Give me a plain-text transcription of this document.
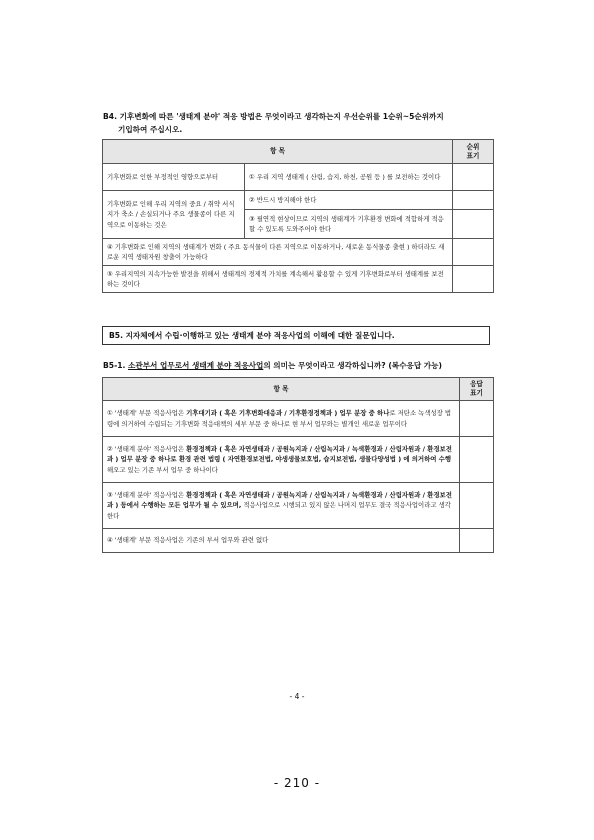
B4. 기후변화에 따른 '생태계 분야' 적응 방법은 무엇이라고 생각하는지 우선순위를 1순위~5순위까지
기입하여 주십시오.
항 목		순위
표기

기후변화로 인한 부정적인 영향으로부터	① 우리 지역 생태계 ( 산림, 습지, 하천, 공원 등 ) 를 보전하는 것이다	
기후변화로 인해 우리 지역의 중요 / 취약 서식지가 축소 / 손실되거나 주요 생물종이 다른 지역으로 이동하는 것은	② 반드시 방지해야 한다	
	③ 필연적 현상이므로 지역의 생태계가 기후환경 변화에 적합하게 적응할 수 있도록 도와주어야 한다	
④ 기후변화로 인해 지역의 생태계가 변화 ( 주요 동식물이 다른 지역으로 이동하거나, 새로운 동식물종 출현 ) 하더라도 새로운 지역 생태자원 창출이 가능하다		
⑤ 우리지역의 지속가능한 발전을 위해서 생태계의 경제적 가치를 계속해서 활용할 수 있게 기후변화로부터 생태계를 보전하는 것이다		
B5. 지자체에서 수립·이행하고 있는 생태계 분야 적응사업의 이해에 대한 질문입니다.
B5-1. 소관부서 업무로서 생태계 분야 적응사업의 의미는 무엇이라고 생각하십니까? (복수응답 가능)
항 목	응답
표기

① '생태계' 부문 적응사업은 기후대기과 ( 혹은 기후변화대응과 / 기후환경정책과 ) 업무 분장 중 하나로 저탄소 녹색성장 법령에 의거하여 수립되는 기후변화 적응대책의 세부 부문 중 하나로 현 부서 업무와는 별개인 새로운 업무이다	
② '생태계 분야' 적응사업은 환경정책과 ( 혹은 자연생태과 / 공원녹지과 / 산림녹지과 / 녹색환경과 / 산림자원과 / 환경보전과 ) 업무 분장 중 하나로 환경 관련 법령 ( 자연환경보전법, 야생생물보호법, 습지보전법, 생물다양성법 ) 에 의거하여 수행해오고 있는 기존 부서 업무 중 하나이다	
③ '생태계 분야' 적응사업은 환경정책과 ( 혹은 자연생태과 / 공원녹지과 / 산림녹지과 / 녹색환경과 / 산림자원과 / 환경보전과 ) 등에서 수행하는 모든 업무가 될 수 있으며, 적응사업으로 시행되고 있지 않은 나머지 업무도 결국 적응사업이라고 생각한다	
④ '생태계' 부문 적응사업은 기존의 부서 업무와 관련 없다	
- 4 -
- 210 -
